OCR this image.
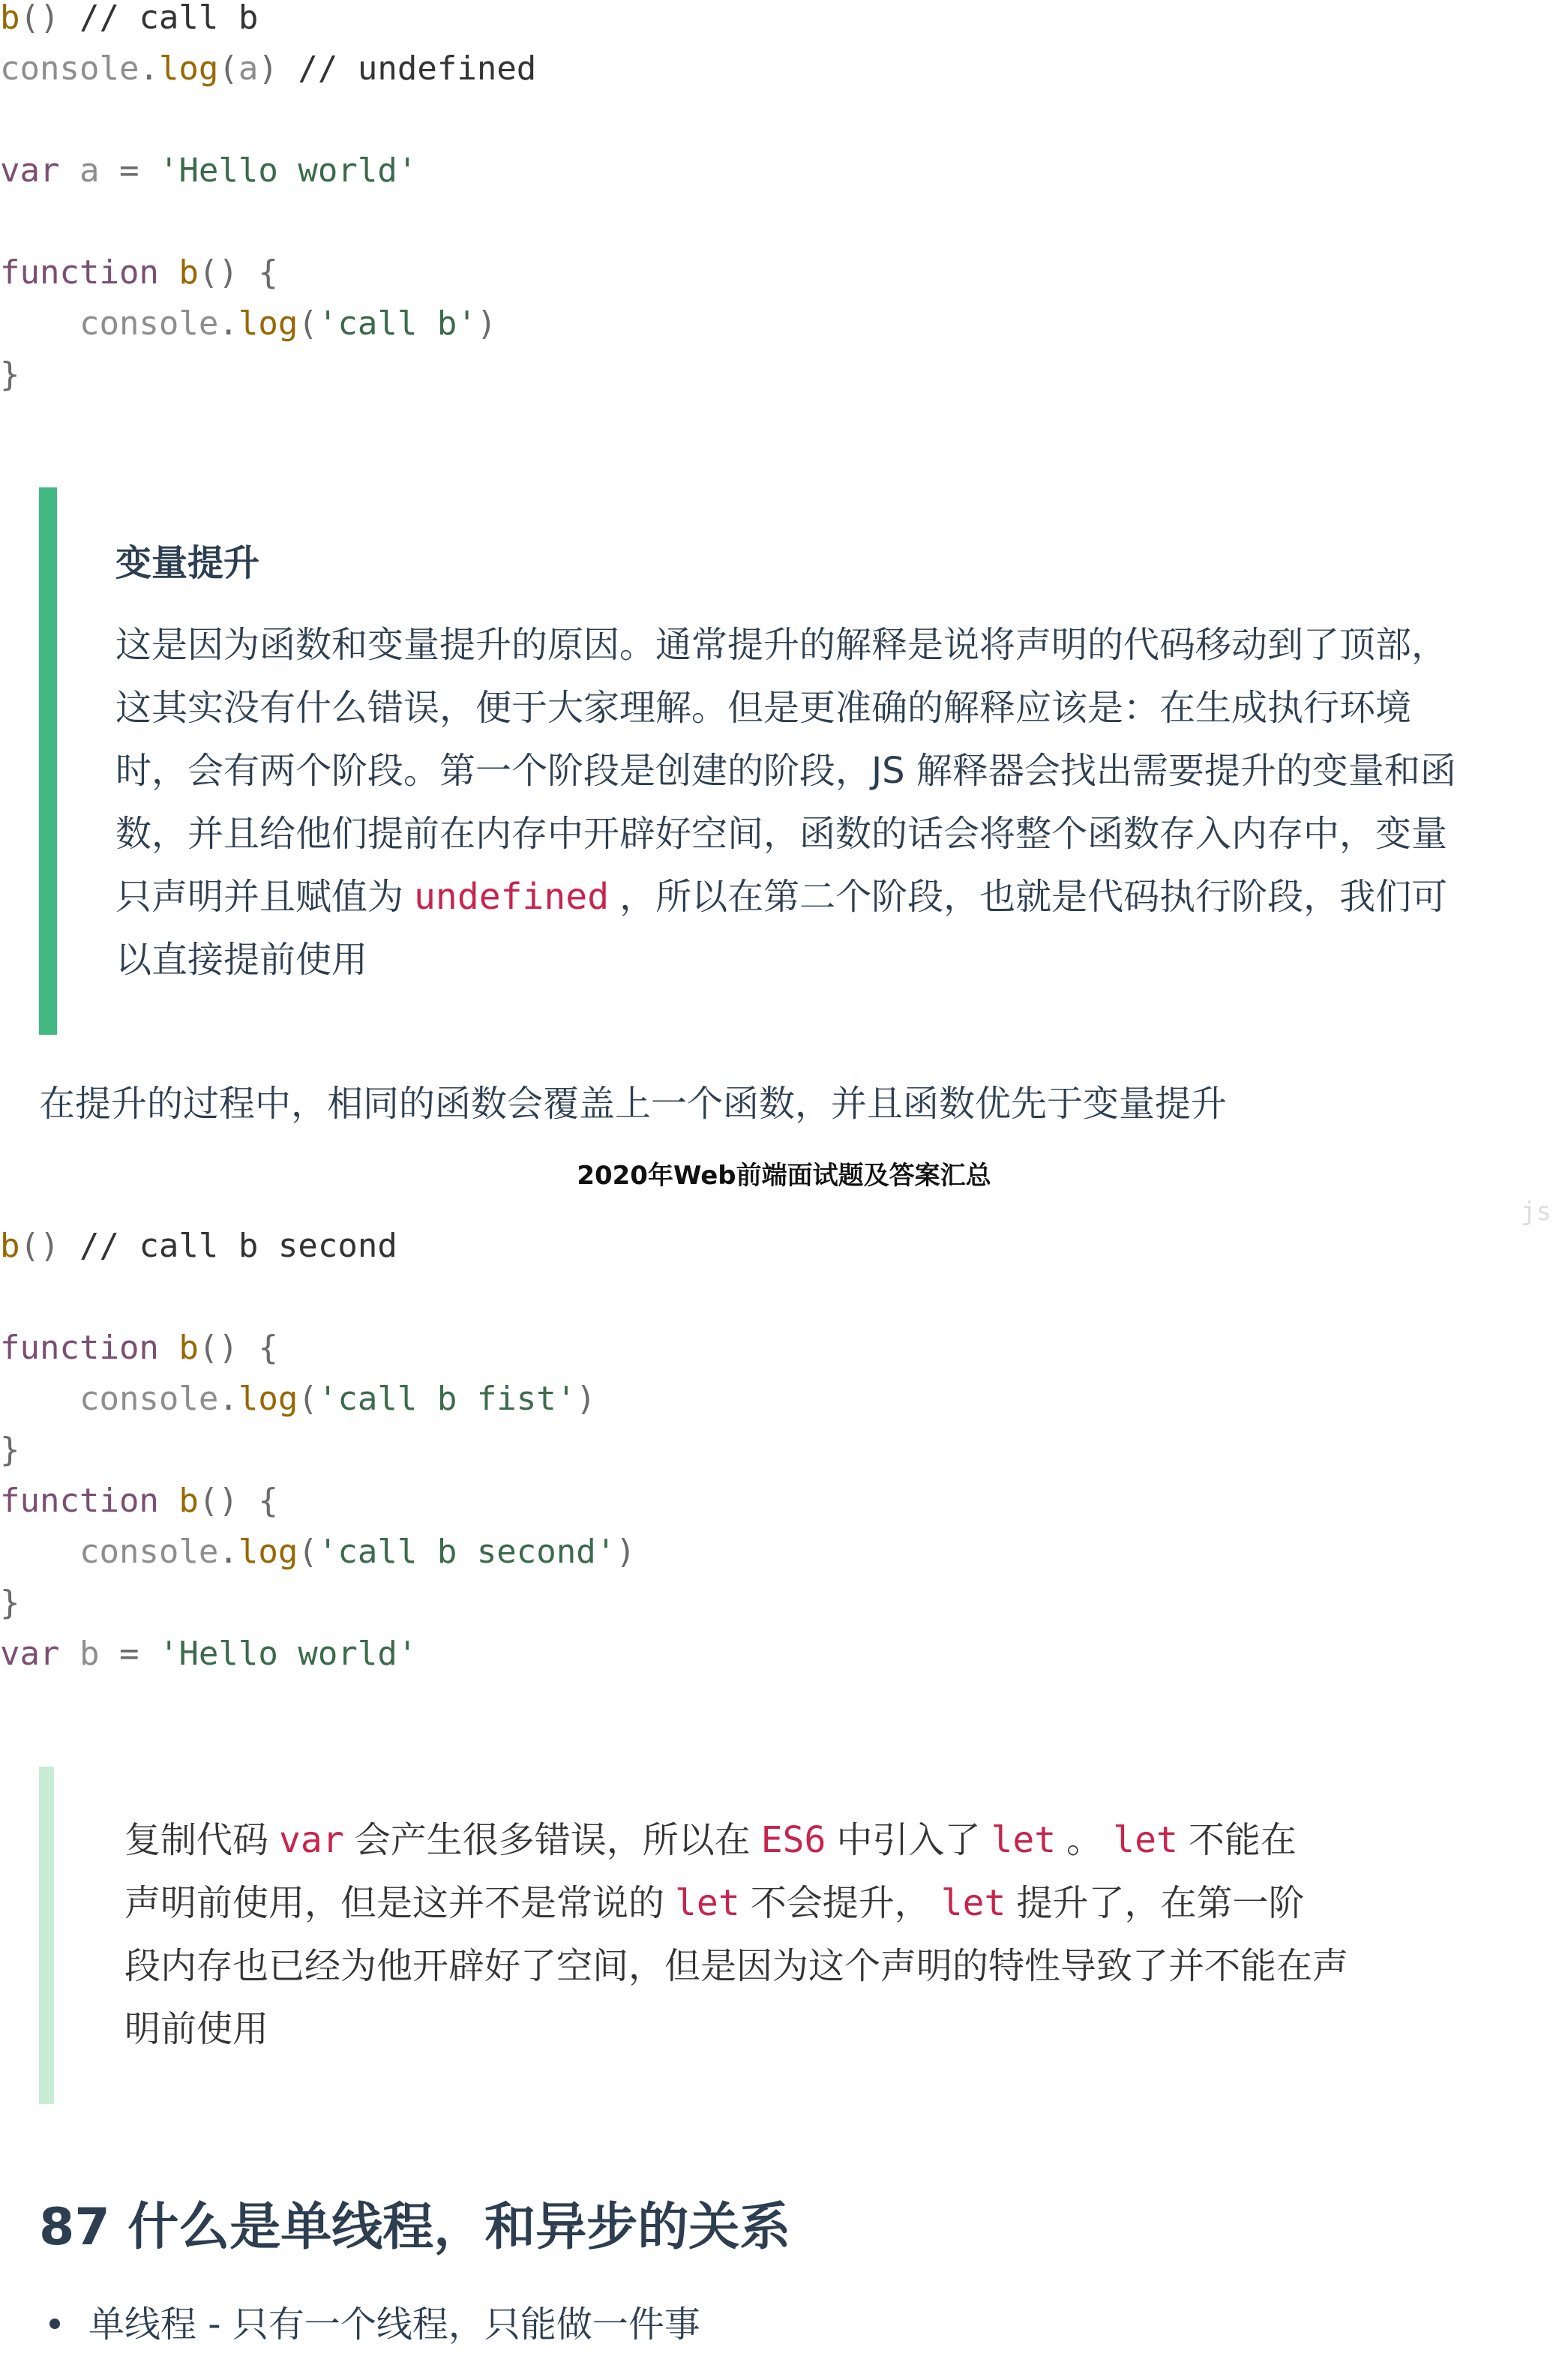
b() // call b
console.log(a) // undefined
var a = 'Hello world'
function b() {
console.log('call b')
}
变量提升
这是因为函数和变量提升的原因。通常提升的解释是说将声明的代码移动到了顶部，
这其实没有什么错误，便于大家理解。但是更准确的解释应该是：在生成执行环境
时，会有两个阶段。第一个阶段是创建的阶段，JS 解释器会找出需要提升的变量和函
数，并且给他们提前在内存中开辟好空间，函数的话会将整个函数存入内存中，变量
只声明并且赋值为 undefined ，所以在第二个阶段，也就是代码执行阶段，我们可
以直接提前使用
在提升的过程中，相同的函数会覆盖上一个函数，并且函数优先于变量提升
2020年Web前端面试题及答案汇总
js
b() // call b second
function b() {
console.log('call b fist')
}
function b() {
console.log('call b second')
}
var b = 'Hello world'
复制代码 var 会产生很多错误，所以在 ES6 中引入了 let 。 let 不能在
声明前使用，但是这并不是常说的 let 不会提升， let 提升了，在第一阶
段内存也已经为他开辟好了空间，但是因为这个声明的特性导致了并不能在声
明前使用
87 什么是单线程，和异步的关系
单线程 - 只有一个线程，只能做一件事
